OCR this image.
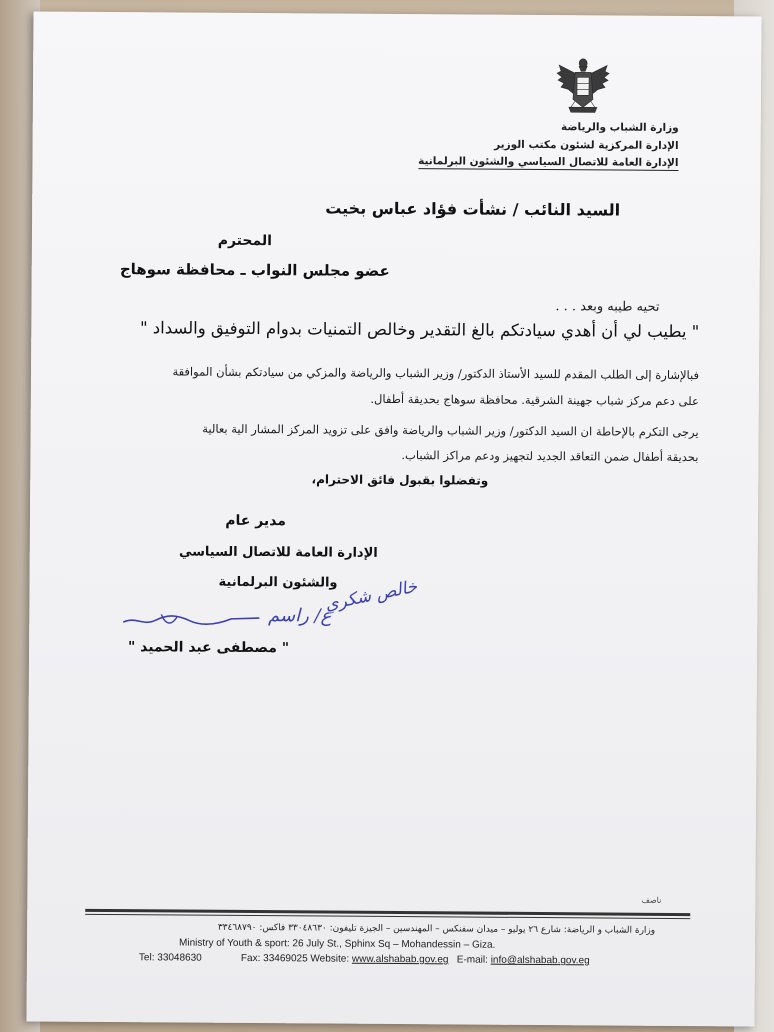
وزارة الشباب والرياضة
الإدارة المركزية لشئون مكتب الوزير
الإدارة العامة للاتصال السياسي والشئون البرلمانية
السيد النائب / نشأت فؤاد عباس بخيت
المحترم
عضو مجلس النواب ـ محافظة سوهاج
تحيه طيبه وبعد . . .
" يطيب لي أن أهدي سيادتكم بالغ التقدير وخالص التمنيات بدوام التوفيق والسداد "
فبالإشارة إلى الطلب المقدم للسيد الأستاذ الدكتور/ وزير الشباب والرياضة والمزكي من سيادتكم بشأن الموافقة
على دعم مركز شباب جهينة الشرقية. محافظة سوهاج بحديقة أطفال.
يرجى التكرم بالإحاطة ان السيد الدكتور/ وزير الشباب والرياضة وافق على تزويد المركز المشار الية بعالية
بحديقة أطفال ضمن التعاقد الجديد لتجهيز ودعم مراكز الشباب.
وتفضلوا بقبول فائق الاحترام،
مدير عام
الإدارة العامة للاتصال السياسي
والشئون البرلمانية
خالص شكري
ع/ راسم
" مصطفى عبد الحميد "
ناصف
وزارة الشباب و الرياضة: شارع ٢٦ يوليو – ميدان سفنكس – المهندسين – الجيزة تليفون: ٣٣٠٤٨٦٣٠ فاكس: ٣٣٤٦٨٧٩٠
Ministry of Youth & sport: 26 July St., Sphinx Sq – Mohandessin – Giza.
Tel: 33048630	Fax: 33469025 Website: www.alshabab.gov.eg E-mail: info@alshabab.gov.eg
